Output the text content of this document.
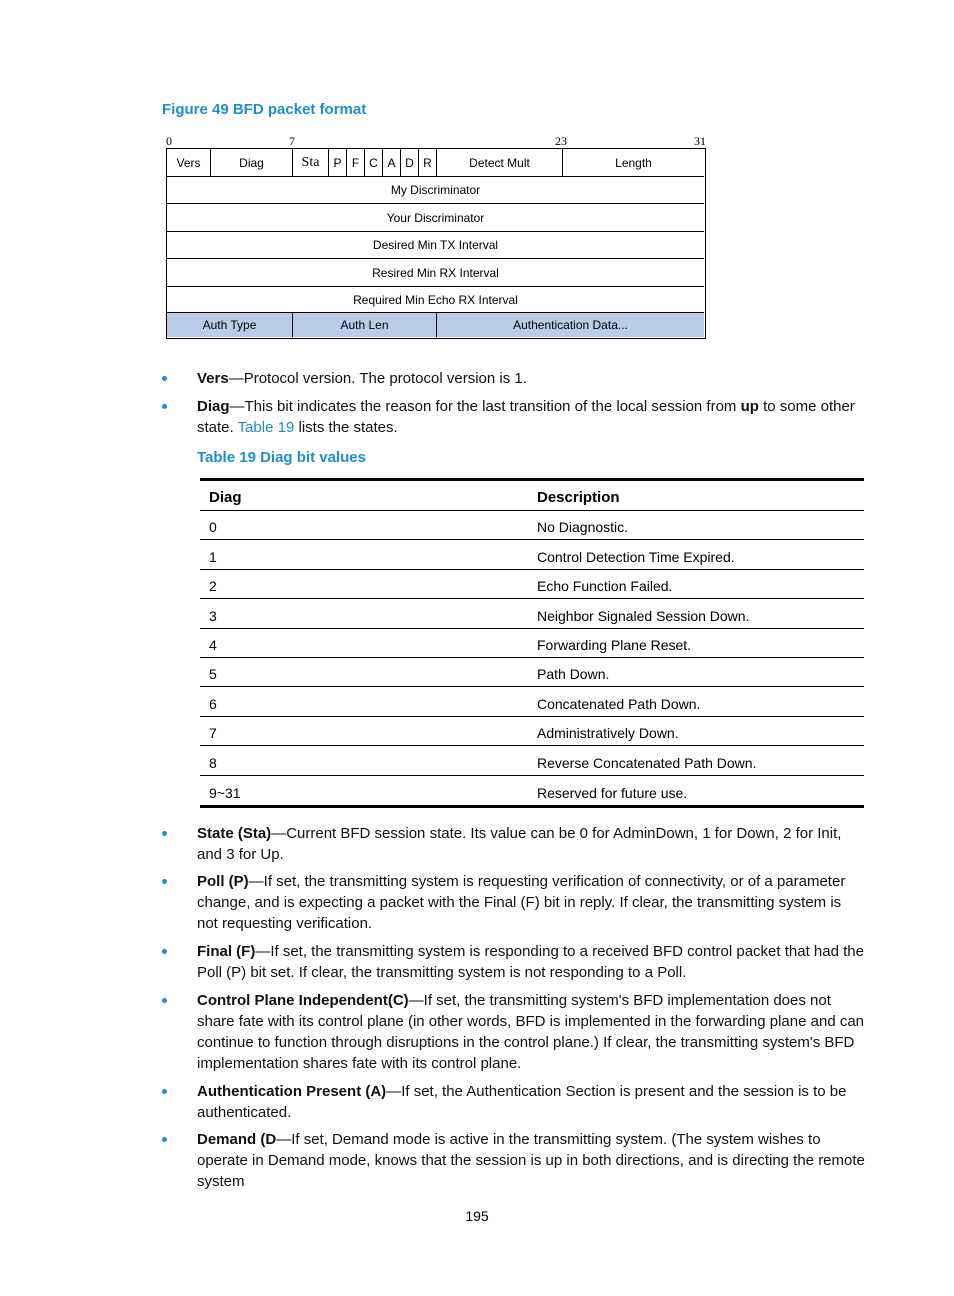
Figure 49 BFD packet format
0	7	23	31
Vers	Diag	Sta	P F C A D R	Detect Mult	Length
My Discriminator
Your Discriminator
Desired Min TX Interval
Resired Min RX Interval
Required Min Echo RX Interval
Auth Type	Auth Len	Authentication Data...
Vers—Protocol version. The protocol version is 1.
Diag—This bit indicates the reason for the last transition of the local session from up to some other state. Table 19 lists the states.
Table 19 Diag bit values
Diag	Description
0	No Diagnostic.
1	Control Detection Time Expired.
2	Echo Function Failed.
3	Neighbor Signaled Session Down.
4	Forwarding Plane Reset.
5	Path Down.
6	Concatenated Path Down.
7	Administratively Down.
8	Reverse Concatenated Path Down.
9~31	Reserved for future use.
State (Sta)—Current BFD session state. Its value can be 0 for AdminDown, 1 for Down, 2 for Init, and 3 for Up.
Poll (P)—If set, the transmitting system is requesting verification of connectivity, or of a parameter change, and is expecting a packet with the Final (F) bit in reply. If clear, the transmitting system is not requesting verification.
Final (F)—If set, the transmitting system is responding to a received BFD control packet that had the Poll (P) bit set. If clear, the transmitting system is not responding to a Poll.
Control Plane Independent(C)—If set, the transmitting system's BFD implementation does not share fate with its control plane (in other words, BFD is implemented in the forwarding plane and can continue to function through disruptions in the control plane.) If clear, the transmitting system's BFD implementation shares fate with its control plane.
Authentication Present (A)—If set, the Authentication Section is present and the session is to be authenticated.
Demand (D—If set, Demand mode is active in the transmitting system. (The system wishes to operate in Demand mode, knows that the session is up in both directions, and is directing the remote system
195
